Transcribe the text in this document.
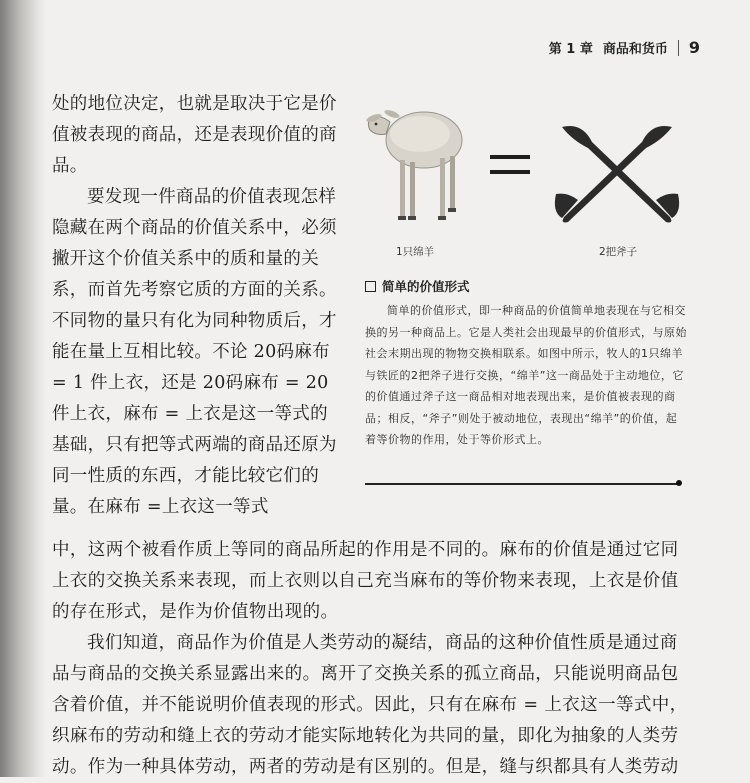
第 1 章 商品和货币 9

处的地位决定，也就是取决于它是价值被表现的商品，还是表现价值的商品。

要发现一件商品的价值表现怎样隐藏在两个商品的价值关系中，必须撇开这个价值关系中的质和量的关系，而首先考察它质的方面的关系。不同物的量只有化为同种物质后，才能在量上互相比较。不论 20码麻布 = 1 件上衣，还是 20码麻布 = 20件上衣，麻布 = 上衣是这一等式的基础，只有把等式两端的商品还原为同一性质的东西，才能比较它们的量。在麻布 =上衣这一等式

1只绵羊	2把斧子
简单的价值形式

简单的价值形式，即一种商品的价值简单地表现在与它相交换的另一种商品上。它是人类社会出现最早的价值形式，与原始社会末期出现的物物交换相联系。如图中所示，牧人的1只绵羊与铁匠的2把斧子进行交换，“绵羊”这一商品处于主动地位，它的价值通过斧子这一商品相对地表现出来，是价值被表现的商品；相反，“斧子”则处于被动地位，表现出“绵羊”的价值，起着等价物的作用，处于等价形式上。

中，这两个被看作质上等同的商品所起的作用是不同的。麻布的价值是通过它同上衣的交换关系来表现，而上衣则以自己充当麻布的等价物来表现，上衣是价值的存在形式，是作为价值物出现的。

我们知道，商品作为价值是人类劳动的凝结，商品的这种价值性质是通过商品与商品的交换关系显露出来的。离开了交换关系的孤立商品，只能说明商品包含着价值，并不能说明价值表现的形式。因此，只有在麻布 = 上衣这一等式中，织麻布的劳动和缝上衣的劳动才能实际地转化为共同的量，即化为抽象的人类劳动。作为一种具体劳动，两者的劳动是有区别的。但是，缝与织都具有人类劳动
